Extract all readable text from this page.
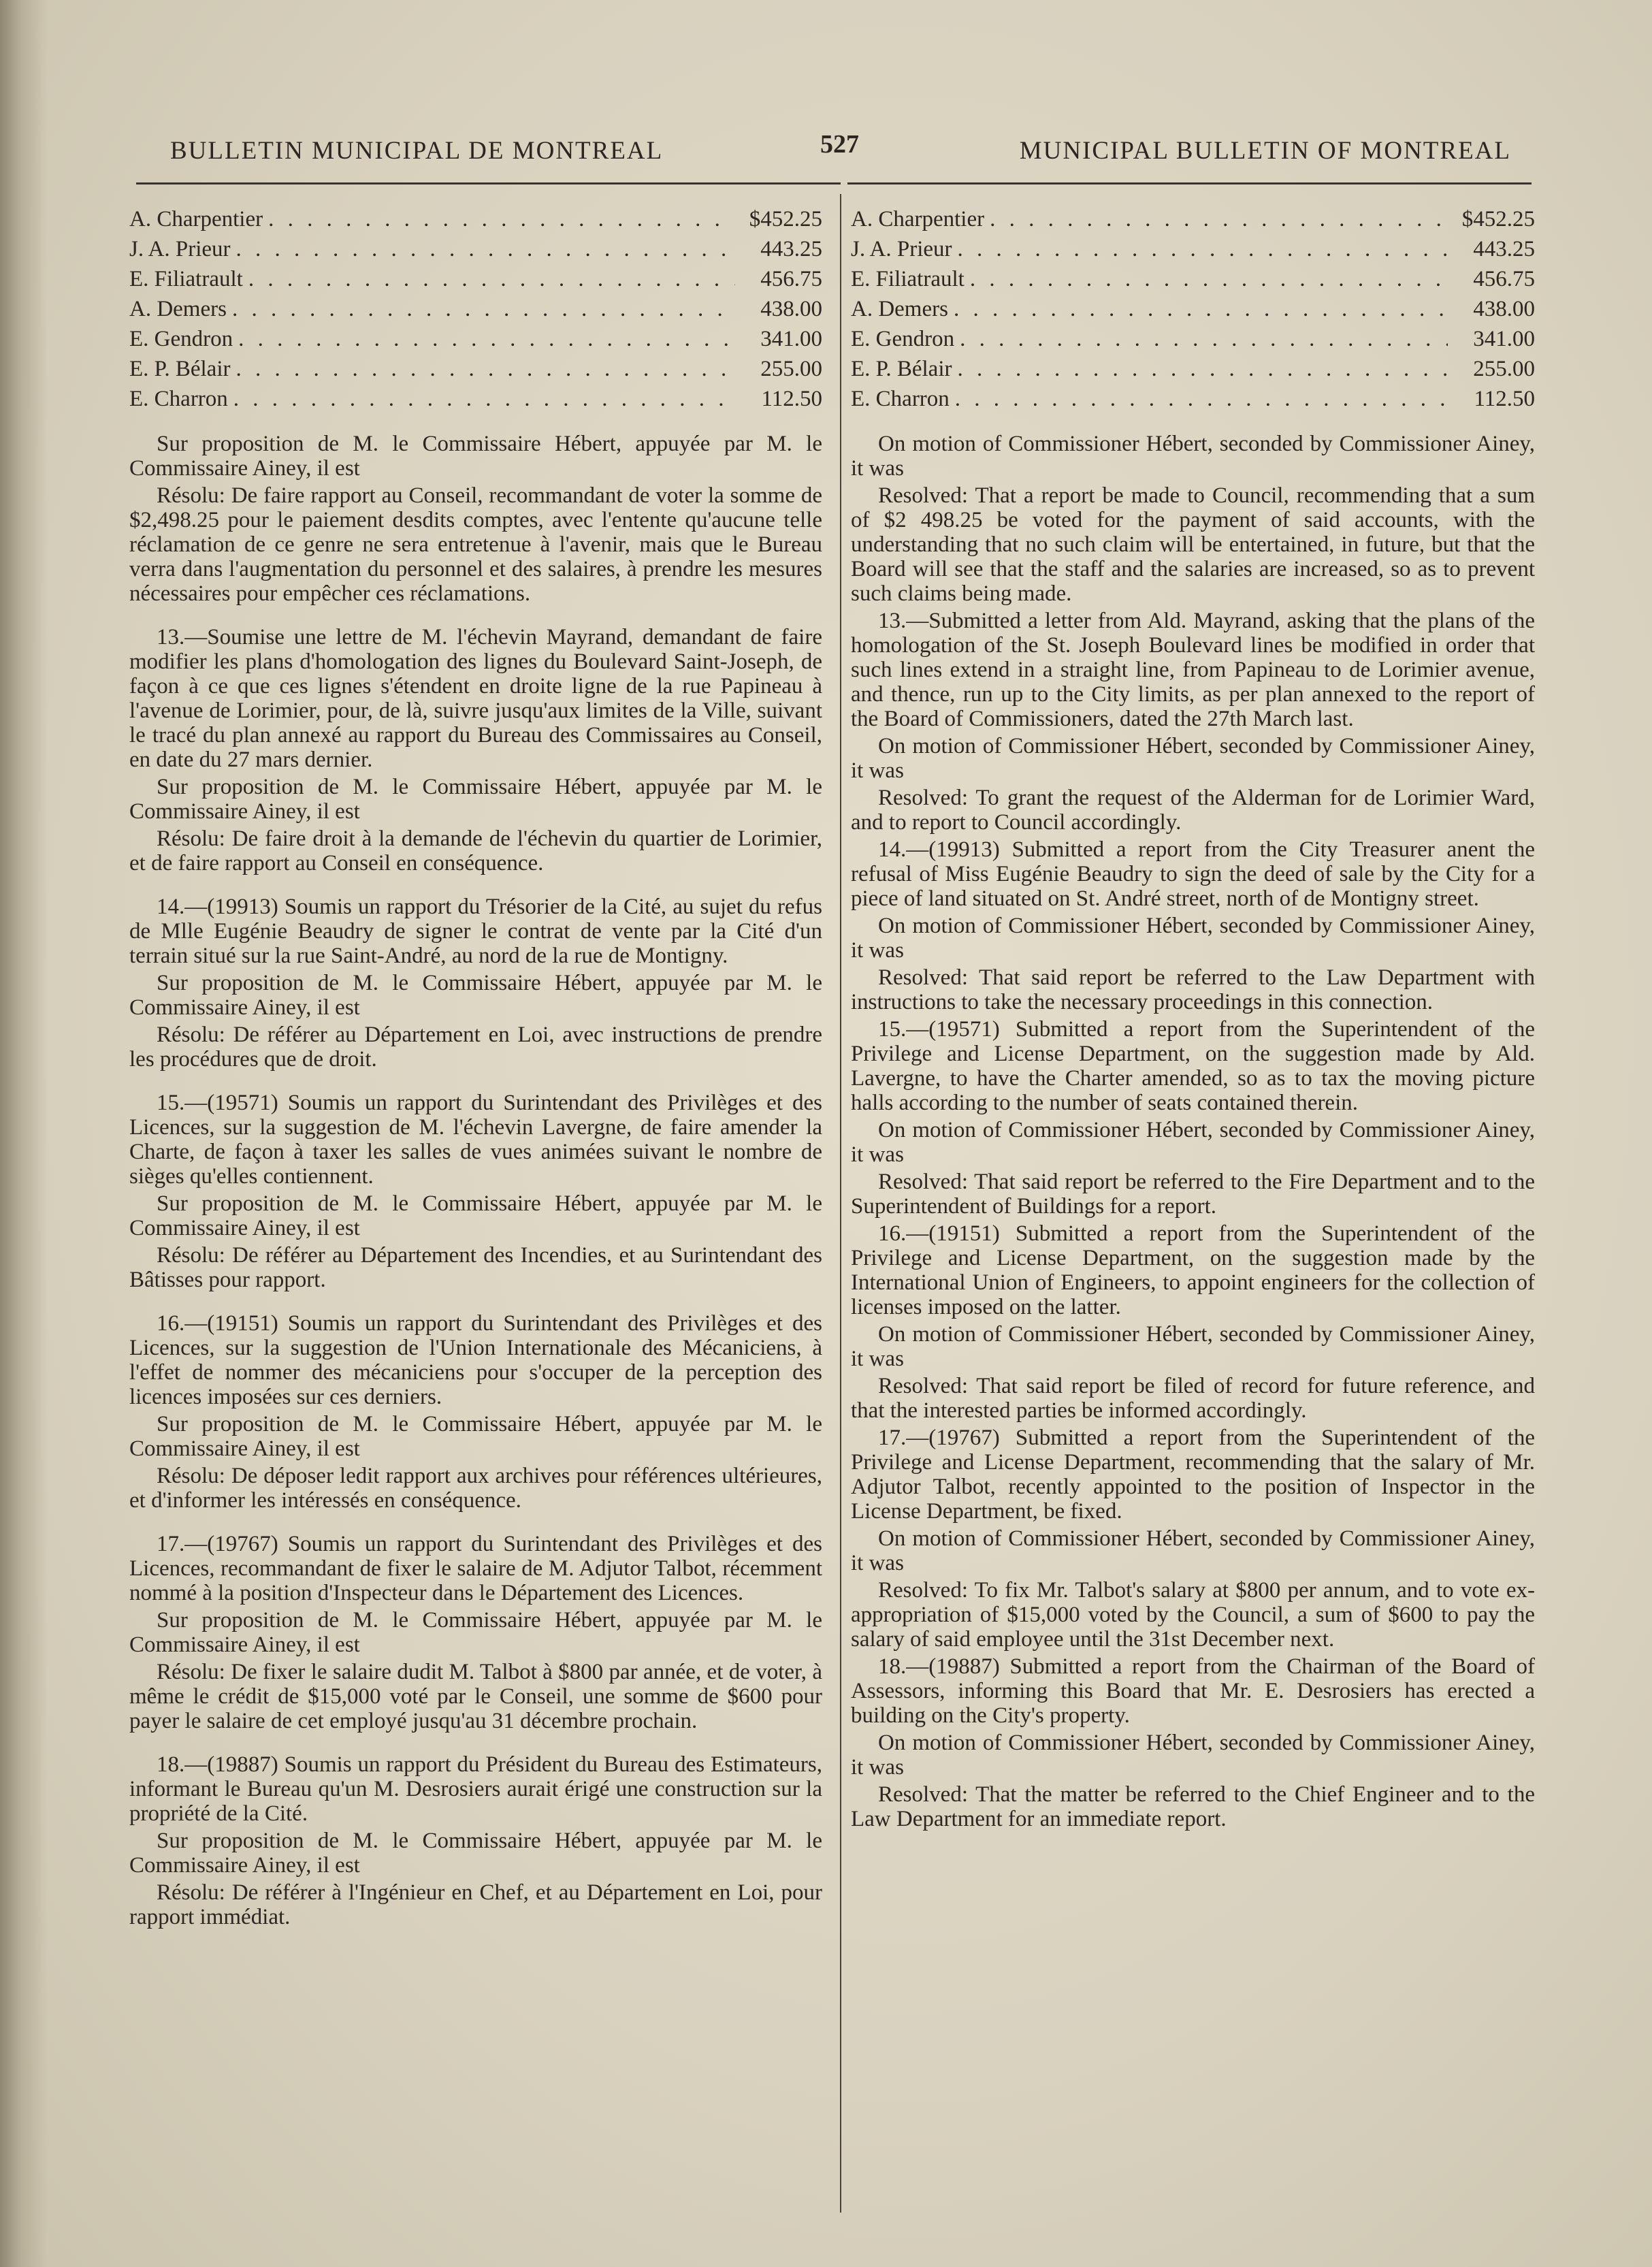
BULLETIN MUNICIPAL DE MONTREAL	527	MUNICIPAL BULLETIN OF MONTREAL
A. Charpentier . . .	$452.25
J. A. Prieur . . .	443.25
E. Filiatrault . . .	456.75
A. Demers . . .	438.00
E. Gendron . . .	341.00
E. P. Bélair . . .	255.00
E. Charron . . .	112.50

Sur proposition de M. le Commissaire Hébert, appuyée par M. le Commissaire Ainey, il est

Résolu: De faire rapport au Conseil, recommandant de voter la somme de $2,498.25 pour le paiement desdits comptes, avec l'entente qu'aucune telle réclamation de ce genre ne sera entretenue à l'avenir, mais que le Bureau verra dans l'augmentation du personnel et des salaires, à prendre les mesures nécessaires pour empêcher ces réclamations.

13.—Soumise une lettre de M. l'échevin Mayrand, demandant de faire modifier les plans d'homologation des lignes du Boulevard Saint-Joseph, de façon à ce que ces lignes s'étendent en droite ligne de la rue Papineau à l'avenue de Lorimier, pour, de là, suivre jusqu'aux limites de la Ville, suivant le tracé du plan annexé au rapport du Bureau des Commissaires au Conseil, en date du 27 mars dernier.

Sur proposition de M. le Commissaire Hébert, appuyée par M. le Commissaire Ainey, il est

Résolu: De faire droit à la demande de l'échevin du quartier de Lorimier, et de faire rapport au Conseil en conséquence.

14.—(19913) Soumis un rapport du Trésorier de la Cité, au sujet du refus de Mlle Eugénie Beaudry de signer le contrat de vente par la Cité d'un terrain situé sur la rue Saint-André, au nord de la rue de Montigny.

Sur proposition de M. le Commissaire Hébert, appuyée par M. le Commissaire Ainey, il est

Résolu: De référer au Département en Loi, avec instructions de prendre les procédures que de droit.

15.—(19571) Soumis un rapport du Surintendant des Privilèges et des Licences, sur la suggestion de M. l'échevin Lavergne, de faire amender la Charte, de façon à taxer les salles de vues animées suivant le nombre de sièges qu'elles contiennent.

Sur proposition de M. le Commissaire Hébert, appuyée par M. le Commissaire Ainey, il est

Résolu: De référer au Département des Incendies, et au Surintendant des Bâtisses pour rapport.

16.—(19151) Soumis un rapport du Surintendant des Privilèges et des Licences, sur la suggestion de l'Union Internationale des Mécaniciens, à l'effet de nommer des mécaniciens pour s'occuper de la perception des licences imposées sur ces derniers.

Sur proposition de M. le Commissaire Hébert, appuyée par M. le Commissaire Ainey, il est

Résolu: De déposer ledit rapport aux archives pour références ultérieures, et d'informer les intéressés en conséquence.

17.—(19767) Soumis un rapport du Surintendant des Privilèges et des Licences, recommandant de fixer le salaire de M. Adjutor Talbot, récemment nommé à la position d'Inspecteur dans le Département des Licences.

Sur proposition de M. le Commissaire Hébert, appuyée par M. le Commissaire Ainey, il est

Résolu: De fixer le salaire dudit M. Talbot à $800 par année, et de voter, à même le crédit de $15,000 voté par le Conseil, une somme de $600 pour payer le salaire de cet employé jusqu'au 31 décembre prochain.

18.—(19887) Soumis un rapport du Président du Bureau des Estimateurs, informant le Bureau qu'un M. Desrosiers aurait érigé une construction sur la propriété de la Cité.

Sur proposition de M. le Commissaire Hébert, appuyée par M. le Commissaire Ainey, il est

Résolu: De référer à l'Ingénieur en Chef, et au Département en Loi, pour rapport immédiat.

A. Charpentier . . .	$452.25
J. A. Prieur . . .	443.25
E. Filiatrault . . .	456.75
A. Demers . . .	438.00
E. Gendron . . .	341.00
E. P. Bélair . . .	255.00
E. Charron . . .	112.50

On motion of Commissioner Hébert, seconded by Commissioner Ainey, it was

Resolved: That a report be made to Council, recommending that a sum of $2 498.25 be voted for the payment of said accounts, with the understanding that no such claim will be entertained, in future, but that the Board will see that the staff and the salaries are increased, so as to prevent such claims being made.

13.—Submitted a letter from Ald. Mayrand, asking that the plans of the homologation of the St. Joseph Boulevard lines be modified in order that such lines extend in a straight line, from Papineau to de Lorimier avenue, and thence, run up to the City limits, as per plan annexed to the report of the Board of Commissioners, dated the 27th March last.

On motion of Commissioner Hébert, seconded by Commissioner Ainey, it was

Resolved: To grant the request of the Alderman for de Lorimier Ward, and to report to Council accordingly.

14.—(19913) Submitted a report from the City Treasurer anent the refusal of Miss Eugénie Beaudry to sign the deed of sale by the City for a piece of land situated on St. André street, north of de Montigny street.

On motion of Commissioner Hébert, seconded by Commissioner Ainey, it was

Resolved: That said report be referred to the Law Department with instructions to take the necessary proceedings in this connection.

15.—(19571) Submitted a report from the Superintendent of the Privilege and License Department, on the suggestion made by Ald. Lavergne, to have the Charter amended, so as to tax the moving picture halls according to the number of seats contained therein.

On motion of Commissioner Hébert, seconded by Commissioner Ainey, it was

Resolved: That said report be referred to the Fire Department and to the Superintendent of Buildings for a report.

16.—(19151) Submitted a report from the Superintendent of the Privilege and License Department, on the suggestion made by the International Union of Engineers, to appoint engineers for the collection of licenses imposed on the latter.

On motion of Commissioner Hébert, seconded by Commissioner Ainey, it was

Resolved: That said report be filed of record for future reference, and that the interested parties be informed accordingly.

17.—(19767) Submitted a report from the Superintendent of the Privilege and License Department, recommending that the salary of Mr. Adjutor Talbot, recently appointed to the position of Inspector in the License Department, be fixed.

On motion of Commissioner Hébert, seconded by Commissioner Ainey, it was

Resolved: To fix Mr. Talbot's salary at $800 per annum, and to vote ex-appropriation of $15,000 voted by the Council, a sum of $600 to pay the salary of said employee until the 31st December next.

18.—(19887) Submitted a report from the Chairman of the Board of Assessors, informing this Board that Mr. E. Desrosiers has erected a building on the City's property.

On motion of Commissioner Hébert, seconded by Commissioner Ainey, it was

Resolved: That the matter be referred to the Chief Engineer and to the Law Department for an immediate report.
